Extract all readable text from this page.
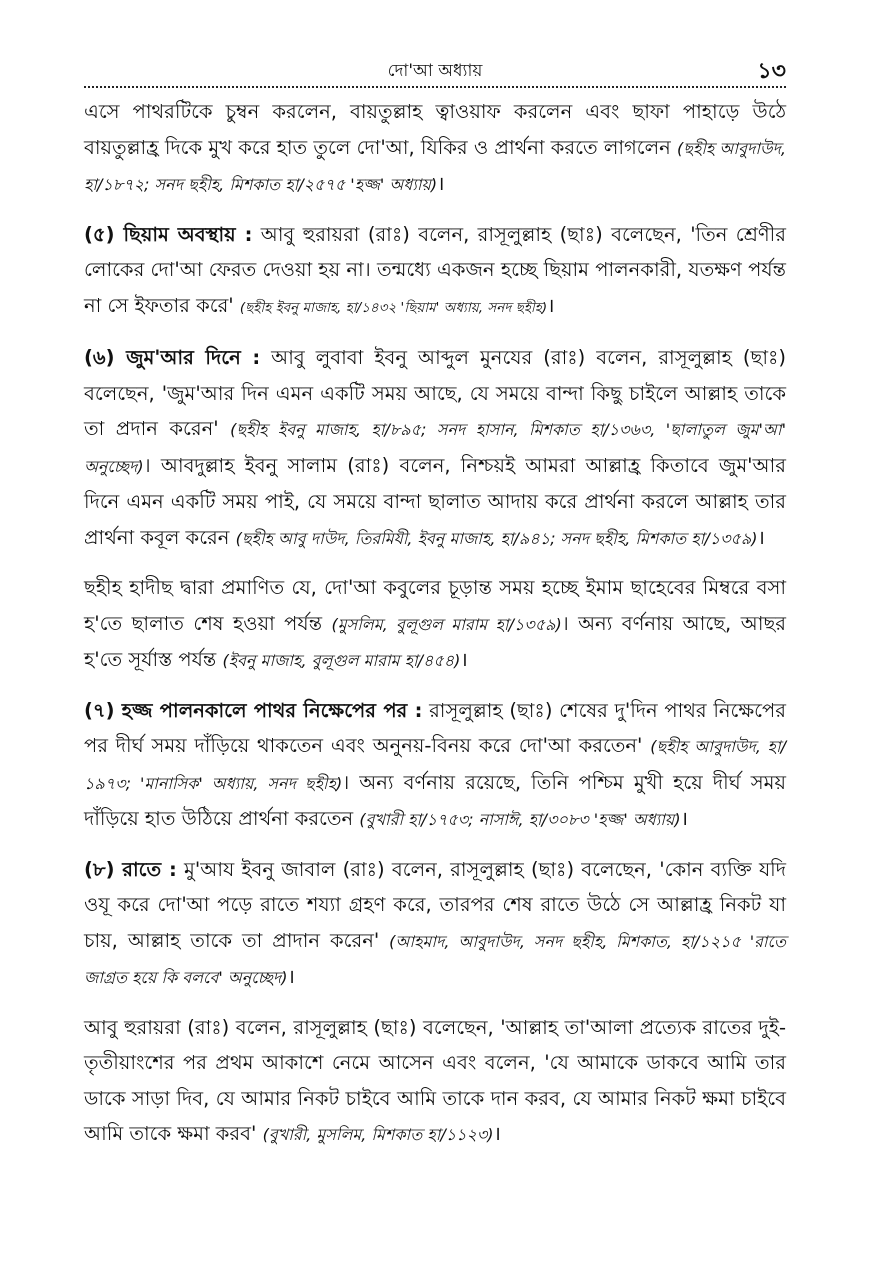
দো'আ অধ্যায়	১৩

এসে পাথরটিকে চুম্বন করলেন, বায়তুল্লাহ ত্বাওয়াফ করলেন এবং ছাফা পাহাড়ে উঠে বায়তুল্লাহ্র দিকে মুখ করে হাত তুলে দো'আ, যিকির ও প্রার্থনা করতে লাগলেন (ছহীহ আবুদাউদ, হা/১৮৭২; সনদ ছহীহ, মিশকাত হা/২৫৭৫ 'হজ্জ' অধ্যায়)।

(৫) ছিয়াম অবস্থায় : আবু হুরায়রা (রাঃ) বলেন, রাসূলুল্লাহ (ছাঃ) বলেছেন, 'তিন শ্রেণীর লোকের দো'আ ফেরত দেওয়া হয় না। তন্মধ্যে একজন হচ্ছে ছিয়াম পালনকারী, যতক্ষণ পর্যন্ত না সে ইফতার করে' (ছহীহ ইবনু মাজাহ, হা/১৪৩২ 'ছিয়াম' অধ্যায়, সনদ ছহীহ)।

(৬) জুম'আর দিনে : আবু লুবাবা ইবনু আব্দুল মুনযের (রাঃ) বলেন, রাসূলুল্লাহ (ছাঃ) বলেছেন, 'জুম'আর দিন এমন একটি সময় আছে, যে সময়ে বান্দা কিছু চাইলে আল্লাহ তাকে তা প্রদান করেন' (ছহীহ ইবনু মাজাহ, হা/৮৯৫; সনদ হাসান, মিশকাত হা/১৩৬৩, 'ছালাতুল জুম'আ' অনুচ্ছেদ)। আবদুল্লাহ ইবনু সালাম (রাঃ) বলেন, নিশ্চয়ই আমরা আল্লাহ্র কিতাবে জুম'আর দিনে এমন একটি সময় পাই, যে সময়ে বান্দা ছালাত আদায় করে প্রার্থনা করলে আল্লাহ তার প্রার্থনা কবূল করেন (ছহীহ আবু দাউদ, তিরমিযী, ইবনু মাজাহ, হা/৯৪১; সনদ ছহীহ, মিশকাত হা/১৩৫৯)।

ছহীহ হাদীছ দ্বারা প্রমাণিত যে, দো'আ কবুলের চূড়ান্ত সময় হচ্ছে ইমাম ছাহেবের মিম্বরে বসা হ'তে ছালাত শেষ হওয়া পর্যন্ত (মুসলিম, বুলূগুল মারাম হা/১৩৫৯)। অন্য বর্ণনায় আছে, আছর হ'তে সূর্যাস্ত পর্যন্ত (ইবনু মাজাহ, বুলূগুল মারাম হা/৪৫৪)।

(৭) হজ্জ পালনকালে পাথর নিক্ষেপের পর : রাসূলুল্লাহ (ছাঃ) শেষের দু'দিন পাথর নিক্ষেপের পর দীর্ঘ সময় দাঁড়িয়ে থাকতেন এবং অনুনয়-বিনয় করে দো'আ করতেন' (ছহীহ আবুদাউদ, হা/১৯৭৩; 'মানাসিক' অধ্যায়, সনদ ছহীহ)। অন্য বর্ণনায় রয়েছে, তিনি পশ্চিম মুখী হয়ে দীর্ঘ সময় দাঁড়িয়ে হাত উঠিয়ে প্রার্থনা করতেন (বুখারী হা/১৭৫৩; নাসাঈ, হা/৩০৮৩ 'হজ্জ' অধ্যায়)।

(৮) রাতে : মু'আয ইবনু জাবাল (রাঃ) বলেন, রাসূলুল্লাহ (ছাঃ) বলেছেন, 'কোন ব্যক্তি যদি ওযূ করে দো'আ পড়ে রাতে শয্যা গ্রহণ করে, তারপর শেষ রাতে উঠে সে আল্লাহ্র নিকট যা চায়, আল্লাহ তাকে তা প্রাদান করেন' (আহমাদ, আবুদাউদ, সনদ ছহীহ, মিশকাত, হা/১২১৫ 'রাতে জাগ্রত হয়ে কি বলবে' অনুচ্ছেদ)।

আবু হুরায়রা (রাঃ) বলেন, রাসূলুল্লাহ (ছাঃ) বলেছেন, 'আল্লাহ তা'আলা প্রত্যেক রাতের দুই-তৃতীয়াংশের পর প্রথম আকাশে নেমে আসেন এবং বলেন, 'যে আমাকে ডাকবে আমি তার ডাকে সাড়া দিব, যে আমার নিকট চাইবে আমি তাকে দান করব, যে আমার নিকট ক্ষমা চাইবে আমি তাকে ক্ষমা করব' (বুখারী, মুসলিম, মিশকাত হা/১১২৩)।
